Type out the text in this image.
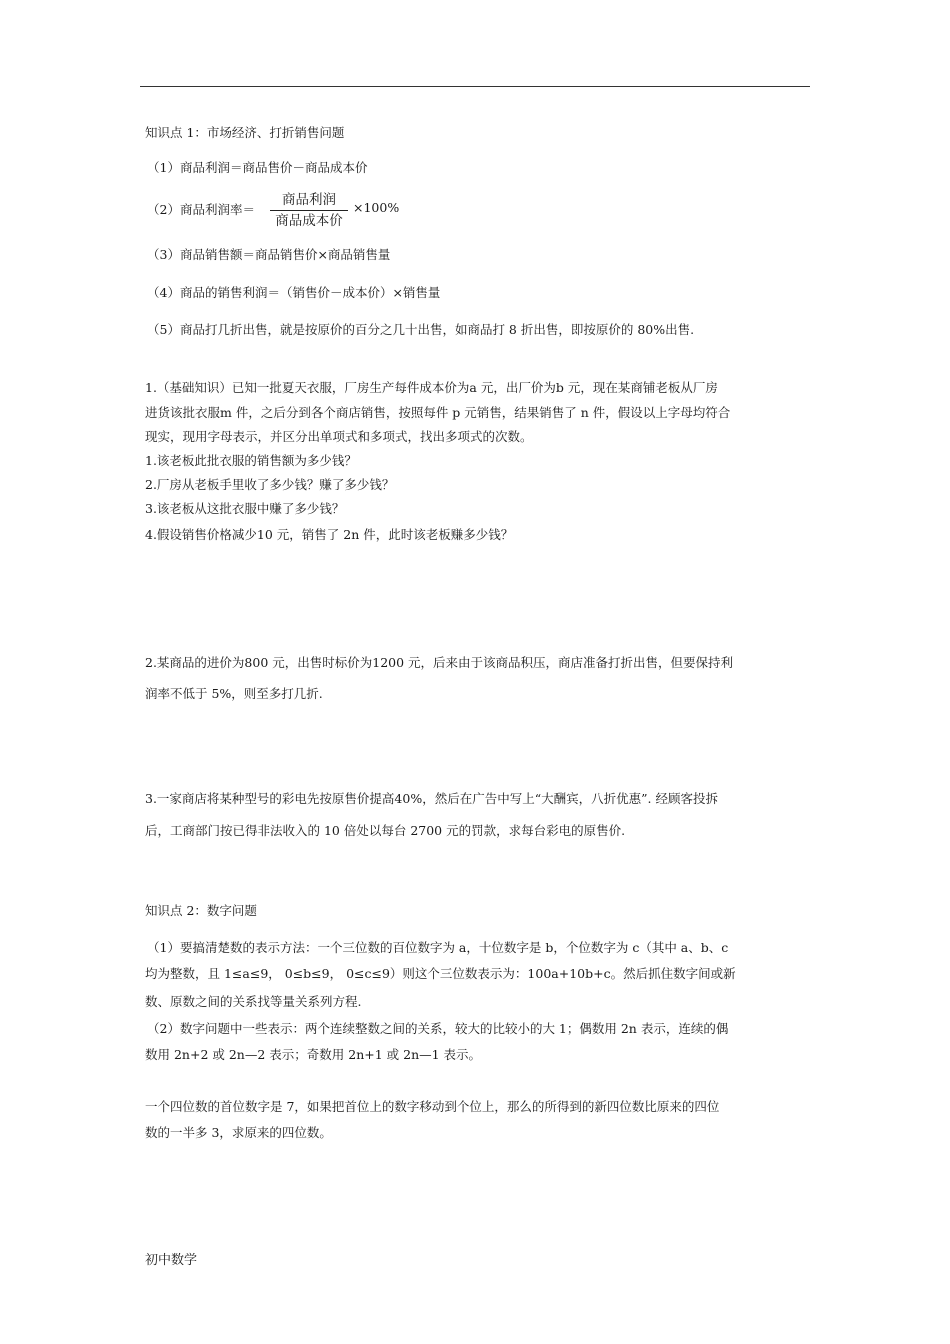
知识点 1：市场经济、打折销售问题
（1）商品利润＝商品售价－商品成本价
（2）商品利润率＝
商品利润
商品成本价
×100%
（3）商品销售额＝商品销售价×商品销售量
（4）商品的销售利润＝（销售价－成本价）×销售量
（5）商品打几折出售，就是按原价的百分之几十出售，如商品打 8 折出售，即按原价的 80%出售.
1.（基础知识）已知一批夏天衣服，厂房生产每件成本价为a 元，出厂价为b 元，现在某商铺老板从厂房
进货该批衣服m 件，之后分到各个商店销售，按照每件 p 元销售，结果销售了 n 件，假设以上字母均符合
现实，现用字母表示，并区分出单项式和多项式，找出多项式的次数。
1.该老板此批衣服的销售额为多少钱？
2.厂房从老板手里收了多少钱？赚了多少钱？
3.该老板从这批衣服中赚了多少钱？
4.假设销售价格减少10 元，销售了 2n 件，此时该老板赚多少钱？
2.某商品的进价为800 元，出售时标价为1200 元，后来由于该商品积压，商店准备打折出售，但要保持利
润率不低于 5%，则至多打几折.
3.一家商店将某种型号的彩电先按原售价提高40%，然后在广告中写上“大酬宾，八折优惠”. 经顾客投拆
后，工商部门按已得非法收入的 10 倍处以每台 2700 元的罚款，求每台彩电的原售价.
知识点 2：数字问题
（1）要搞清楚数的表示方法：一个三位数的百位数字为 a，十位数字是 b，个位数字为 c（其中 a、b、c
均为整数，且 1≤a≤9， 0≤b≤9， 0≤c≤9）则这个三位数表示为：100a+10b+c。然后抓住数字间或新
数、原数之间的关系找等量关系列方程.
（2）数字问题中一些表示：两个连续整数之间的关系，较大的比较小的大 1；偶数用 2n 表示，连续的偶
数用 2n+2 或 2n—2 表示；奇数用 2n+1 或 2n—1 表示。
一个四位数的首位数字是 7，如果把首位上的数字移动到个位上，那么的所得到的新四位数比原来的四位
数的一半多 3，求原来的四位数。
初中数学
